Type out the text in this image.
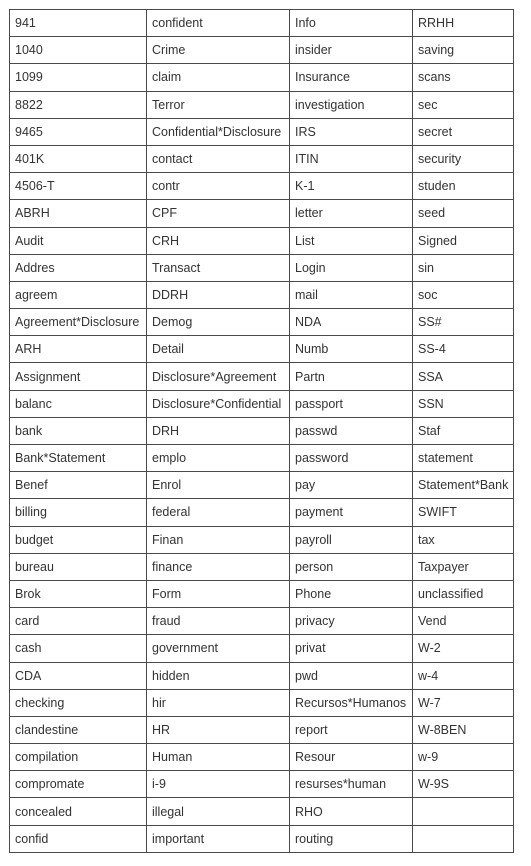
941	confident	Info	RRHH
1040	Crime	insider	saving
1099	claim	Insurance	scans
8822	Terror	investigation	sec
9465	Confidential*Disclosure	IRS	secret
401K	contact	ITIN	security
4506-T	contr	K-1	studen
ABRH	CPF	letter	seed
Audit	CRH	List	Signed
Addres	Transact	Login	sin
agreem	DDRH	mail	soc
Agreement*Disclosure	Demog	NDA	SS#
ARH	Detail	Numb	SS-4
Assignment	Disclosure*Agreement	Partn	SSA
balanc	Disclosure*Confidential	passport	SSN
bank	DRH	passwd	Staf
Bank*Statement	emplo	password	statement
Benef	Enrol	pay	Statement*Bank
billing	federal	payment	SWIFT
budget	Finan	payroll	tax
bureau	finance	person	Taxpayer
Brok	Form	Phone	unclassified
card	fraud	privacy	Vend
cash	government	privat	W-2
CDA	hidden	pwd	w-4
checking	hir	Recursos*Humanos	W-7
clandestine	HR	report	W-8BEN
compilation	Human	Resour	w-9
compromate	i-9	resurses*human	W-9S
concealed	illegal	RHO	
confid	important	routing	
